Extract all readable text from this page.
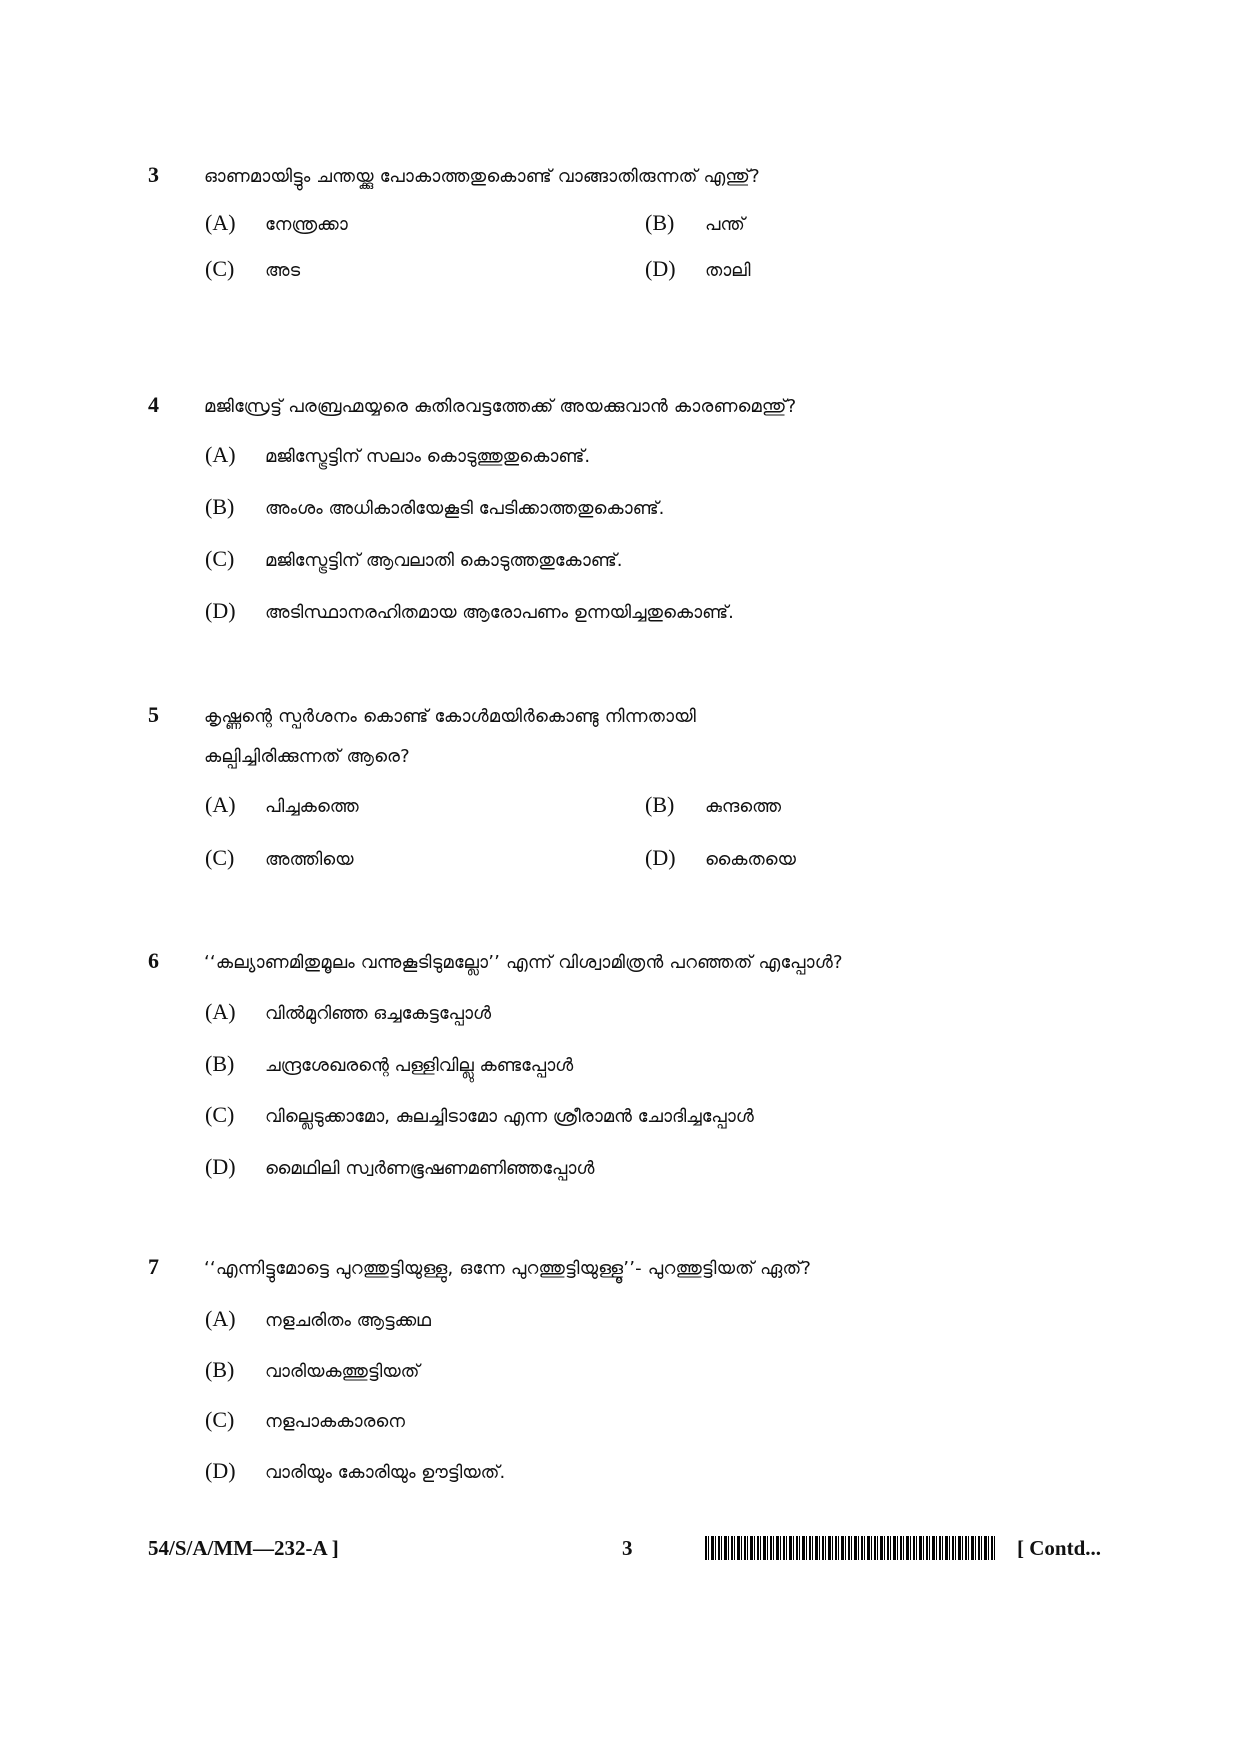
3	ഓണമായിട്ടും ചന്തയ്ക്കു പോകാത്തതുകൊണ്ട് വാങ്ങാതിരുന്നത് എന്തു്?
(A) നേന്ത്രക്കാ	(B) പന്ത്
(C) അട	(D) താലി
4	മജിസ്രേട്ട് പരബ്രഹ്മയ്യരെ കുതിരവട്ടത്തേക്ക് അയക്കുവാൻ കാരണമെന്തു്?
(A) മജിസ്ട്രേട്ടിന് സലാം കൊടുത്തുതുകൊണ്ട്.
(B) അംശം അധികാരിയേകൂടി പേടിക്കാത്തതുകൊണ്ട്.
(C) മജിസ്ട്രേട്ടിന് ആവലാതി കൊടുത്തതുകോണ്ട്.
(D) അടിസ്ഥാനരഹിതമായ ആരോപണം ഉന്നയിച്ചതുകൊണ്ട്.
5	കൃഷ്ണന്റെ സ്പർശനം കൊണ്ട് കോൾമയിർകൊണ്ടു നിന്നതായി
കല്പിച്ചിരിക്കുന്നത് ആരെ?
(A) പിച്ചകത്തെ	(B) കുന്ദത്തെ
(C) അത്തിയെ	(D) കൈതയെ
6	‘‘കല്യാണമിതുമൂലം വന്നുകൂടിടുമല്ലോ’’ എന്ന് വിശ്വാമിത്രൻ പറഞ്ഞത് എപ്പോൾ?
(A) വിൽമുറിഞ്ഞ ഒച്ചകേട്ടപ്പോൾ
(B) ചന്ദ്രശേഖരന്റെ പള്ളിവില്ലു കണ്ടപ്പോൾ
(C) വില്ലെടുക്കാമോ, കുലച്ചിടാമോ എന്ന ശ്രീരാമൻ ചോദിച്ചപ്പോൾ
(D) മൈഥിലി സ്വർണഭൂഷണമണിഞ്ഞപ്പോൾ
7	‘‘എന്നിട്ടുമോട്ടെ പുറത്തുട്ടിയുള്ളു, ഒന്നേ പുറത്തുട്ടിയുള്ളൂ’’- പുറത്തുട്ടിയത് ഏത്?
(A) നളചരിതം ആട്ടക്കഥ
(B) വാരിയകത്തുട്ടിയത്
(C) നളപാകകാരനെ
(D) വാരിയും കോരിയും ഊട്ടിയത്.
54/S/A/MM—232-A ]	3	[ Contd...
